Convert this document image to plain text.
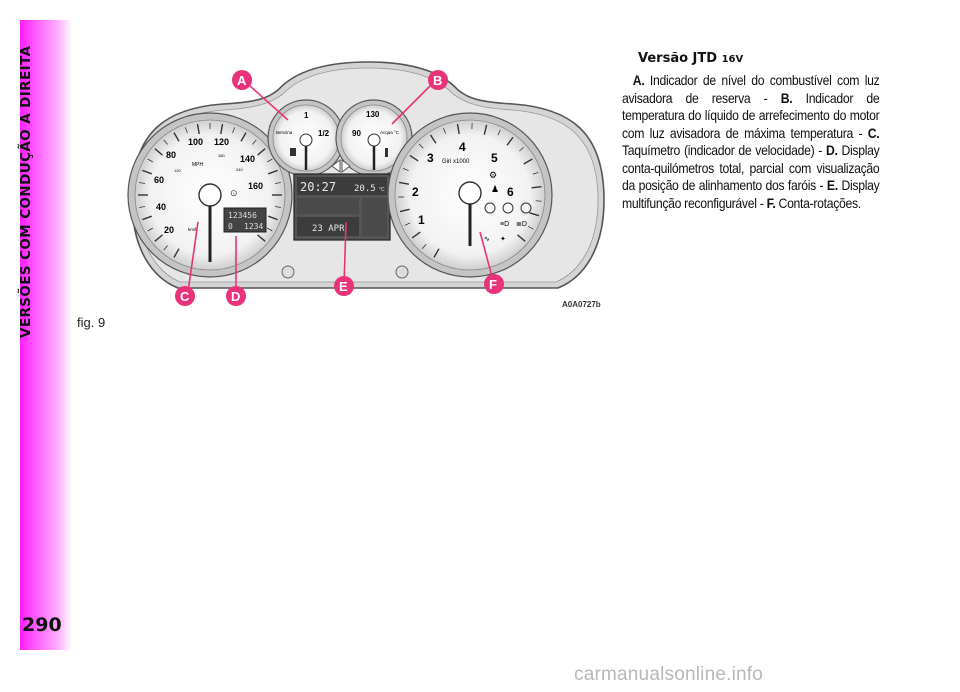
VERSÕES COM CONDUÇÃO A DIREITA
290
20
40
60
80
100 120
140
160
MPH
km/h
120
180
240
⊙
123456
0 1234
1
1/2
Benzina
130
90	Acqua °C
20:27 20.5 °C
23 APR
1
2
3
4
5
6
Giri x1000
♟
⚙
≡D ≣D
∿ ✦
A	B
C	D
E	F
A0A0727b
fig. 9
Versão JTD 16V

A. Indicador de nível do combustível com luz avisadora de reserva - B. Indicador de temperatura do líquido de arrefecimento do motor com luz avisadora de máxima temperatura - C. Taquímetro (indicador de velocidade) - D. Display conta-quilómetros total, parcial com visualização da posição de alinhamento dos faróis - E. Display multifunção reconfigurável - F. Conta-rotações.

carmanualsonline.info
